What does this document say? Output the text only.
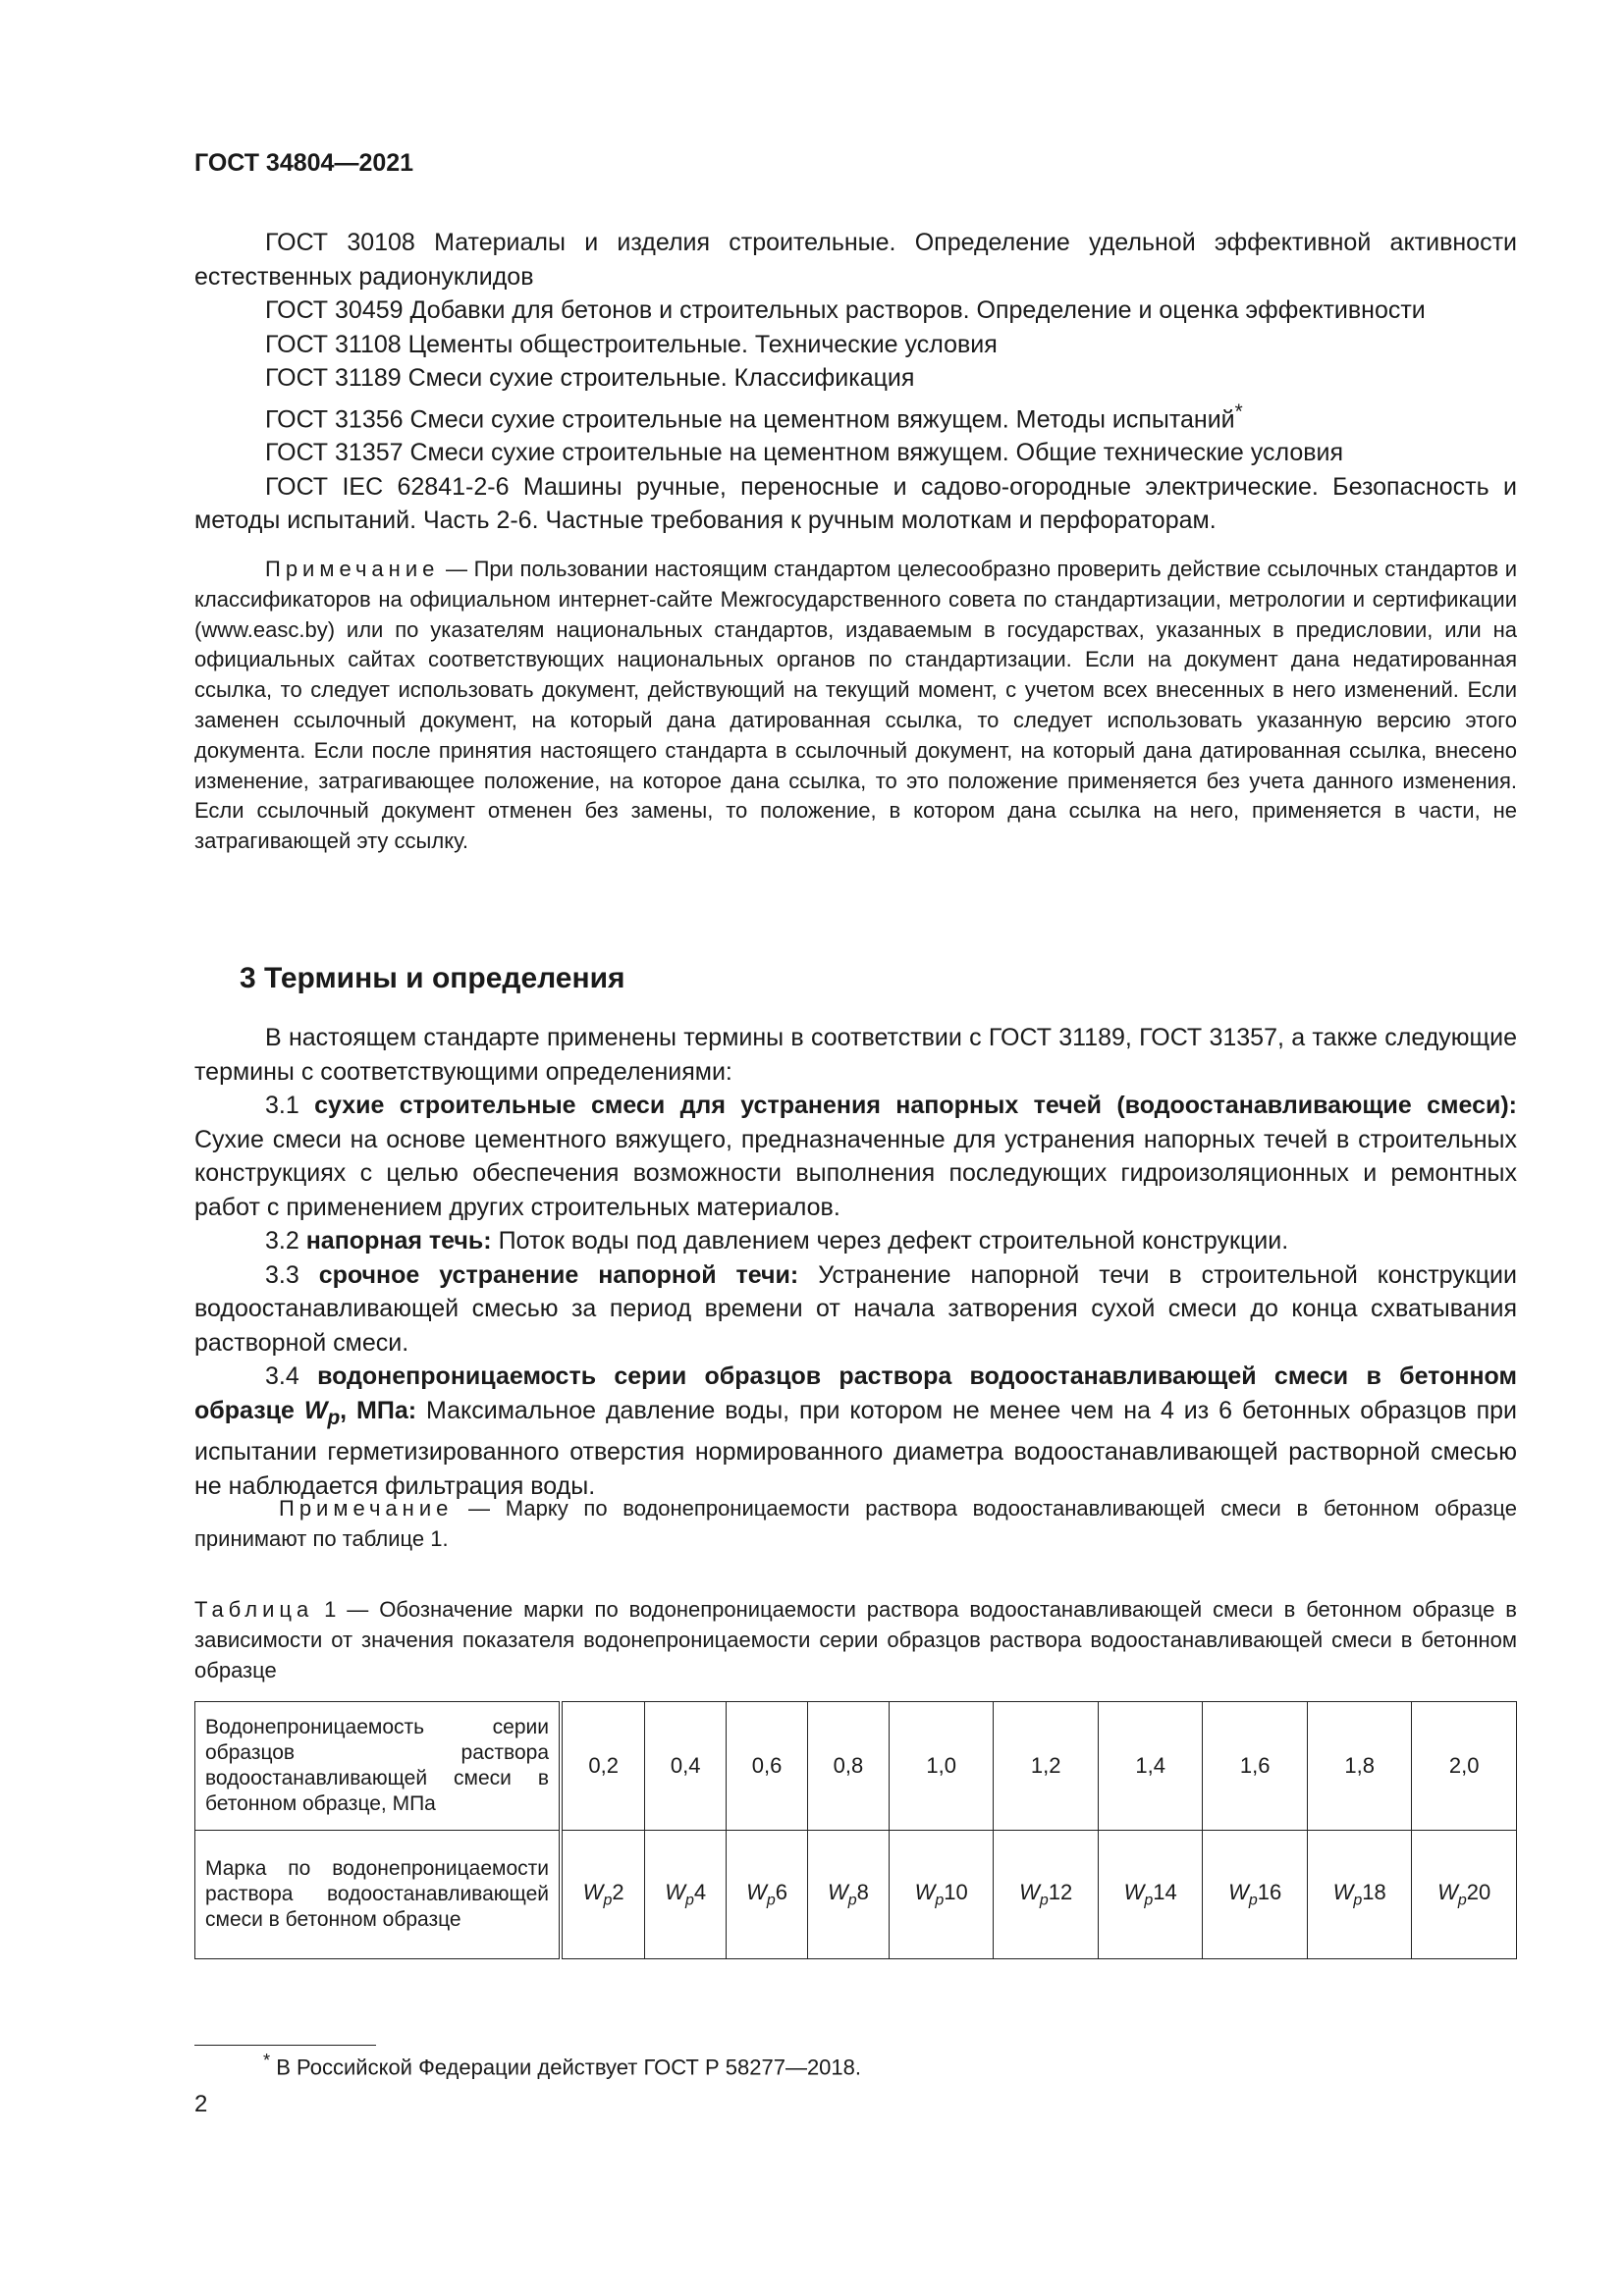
ГОСТ 34804—2021

ГОСТ 30108 Материалы и изделия строительные. Определение удельной эффективной активности естественных радионуклидов

ГОСТ 30459 Добавки для бетонов и строительных растворов. Определение и оценка эффективности

ГОСТ 31108 Цементы общестроительные. Технические условия

ГОСТ 31189 Смеси сухие строительные. Классификация

ГОСТ 31356 Смеси сухие строительные на цементном вяжущем. Методы испытаний*

ГОСТ 31357 Смеси сухие строительные на цементном вяжущем. Общие технические условия

ГОСТ IEC 62841-2-6 Машины ручные, переносные и садово-огородные электрические. Безопасность и методы испытаний. Часть 2-6. Частные требования к ручным молоткам и перфораторам.

Примечание — При пользовании настоящим стандартом целесообразно проверить действие ссылочных стандартов и классификаторов на официальном интернет-сайте Межгосударственного совета по стандартизации, метрологии и сертификации (www.easc.by) или по указателям национальных стандартов, издаваемым в государствах, указанных в предисловии, или на официальных сайтах соответствующих национальных органов по стандартизации. Если на документ дана недатированная ссылка, то следует использовать документ, действующий на текущий момент, с учетом всех внесенных в него изменений. Если заменен ссылочный документ, на который дана датированная ссылка, то следует использовать указанную версию этого документа. Если после принятия настоящего стандарта в ссылочный документ, на который дана датированная ссылка, внесено изменение, затрагивающее положение, на которое дана ссылка, то это положение применяется без учета данного изменения. Если ссылочный документ отменен без замены, то положение, в котором дана ссылка на него, применяется в части, не затрагивающей эту ссылку.

3 Термины и определения

В настоящем стандарте применены термины в соответствии с ГОСТ 31189, ГОСТ 31357, а также следующие термины с соответствующими определениями:

3.1 сухие строительные смеси для устранения напорных течей (водоостанавливающие смеси): Сухие смеси на основе цементного вяжущего, предназначенные для устранения напорных течей в строительных конструкциях с целью обеспечения возможности выполнения последующих гидроизоляционных и ремонтных работ с применением других строительных материалов.

3.2 напорная течь: Поток воды под давлением через дефект строительной конструкции.

3.3 срочное устранение напорной течи: Устранение напорной течи в строительной конструкции водоостанавливающей смесью за период времени от начала затворения сухой смеси до конца схватывания растворной смеси.

3.4 водонепроницаемость серии образцов раствора водоостанавливающей смеси в бетонном образце $W_p$, МПа: Максимальное давление воды, при котором не менее чем на 4 из 6 бетонных образцов при испытании герметизированного отверстия нормированного диаметра водоостанавливающей растворной смесью не наблюдается фильтрация воды.

Примечание — Марку по водонепроницаемости раствора водоостанавливающей смеси в бетонном образце принимают по таблице 1.

Таблица 1 — Обозначение марки по водонепроницаемости раствора водоостанавливающей смеси в бетонном образце в зависимости от значения показателя водонепроницаемости серии образцов раствора водоостанавливающей смеси в бетонном образце

Водонепроницаемость серии образцов раствора водоостанавливающей смеси в бетонном образце, МПа	0,2	0,4	0,6	0,8	1,0	1,2	1,4	1,6	1,8	2,0
Марка по водонепроницаемости раствора водоостанавливающей смеси в бетонном образце	$W_p2$	$W_p4$	$W_p6$	$W_p8$	$W_p10$	$W_p12$	$W_p14$	$W_p16$	$W_p18$	$W_p20$
* В Российской Федерации действует ГОСТ Р 58277—2018.
2
